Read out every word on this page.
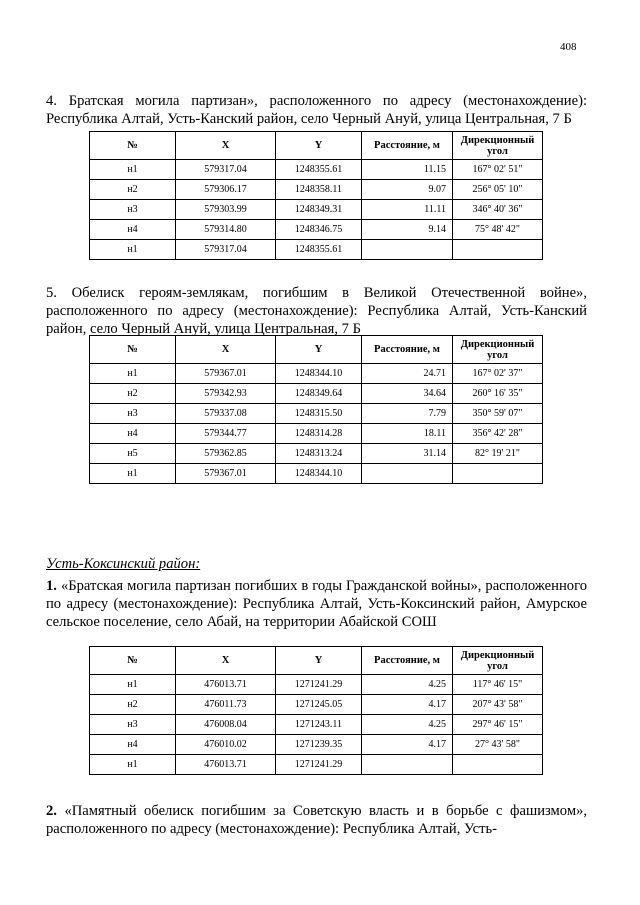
408
4. Братская могила партизан», расположенного по адресу (местонахождение): Республика Алтай, Усть-Канский район, село Черный Ануй, улица Центральная, 7 Б
№	X	Y	Расстояние, м	Дирекционный угол
н1	579317.04	1248355.61	11.15	167° 02' 51"
н2	579306.17	1248358.11	9.07	256° 05' 10"
н3	579303.99	1248349.31	11.11	346° 40' 36"
н4	579314.80	1248346.75	9.14	75° 48' 42"
н1	579317.04	1248355.61		
5. Обелиск героям-землякам, погибшим в Великой Отечественной войне», расположенного по адресу (местонахождение): Республика Алтай, Усть-Канский район, село Черный Ануй, улица Центральная, 7 Б
№	X	Y	Расстояние, м	Дирекционный угол
н1	579367.01	1248344.10	24.71	167° 02' 37"
н2	579342.93	1248349.64	34.64	260° 16' 35"
н3	579337.08	1248315.50	7.79	350° 59' 07"
н4	579344.77	1248314.28	18.11	356° 42' 28"
н5	579362.85	1248313.24	31.14	82° 19' 21"
н1	579367.01	1248344.10		
Усть-Коксинский район:
1. «Братская могила партизан погибших в годы Гражданской войны», расположенного по адресу (местонахождение): Республика Алтай, Усть-Коксинский район, Амурское сельское поселение, село Абай, на территории Абайской СОШ
№	X	Y	Расстояние, м	Дирекционный угол
н1	476013.71	1271241.29	4.25	117° 46' 15"
н2	476011.73	1271245.05	4.17	207° 43' 58"
н3	476008.04	1271243.11	4.25	297° 46' 15"
н4	476010.02	1271239.35	4.17	27° 43' 58"
н1	476013.71	1271241.29		
2. «Памятный обелиск погибшим за Советскую власть и в борьбе с фашизмом», расположенного по адресу (местонахождение): Республика Алтай, Усть-
